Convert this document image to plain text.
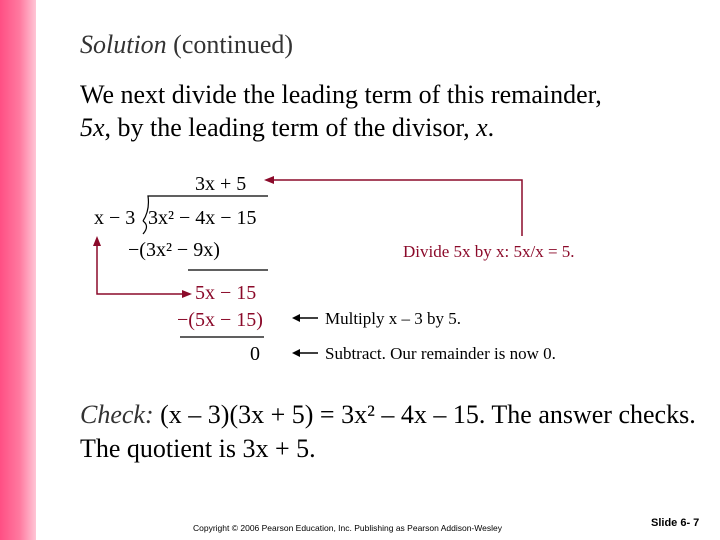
Solution (continued)
We next divide the leading term of this remainder,
5x, by the leading term of the divisor, x.
3x + 5
x − 3 3x² − 4x − 15
−(3x² − 9x)
5x − 15
−(5x − 15)
0
Divide 5x by x: 5x/x = 5.
Multiply x – 3 by 5.
Subtract. Our remainder is now 0.
Check: (x – 3)(3x + 5) = 3x² – 4x – 15. The answer checks. The quotient is 3x + 5.
Copyright © 2006 Pearson Education, Inc. Publishing as Pearson Addison-Wesley	Slide 6- 7
